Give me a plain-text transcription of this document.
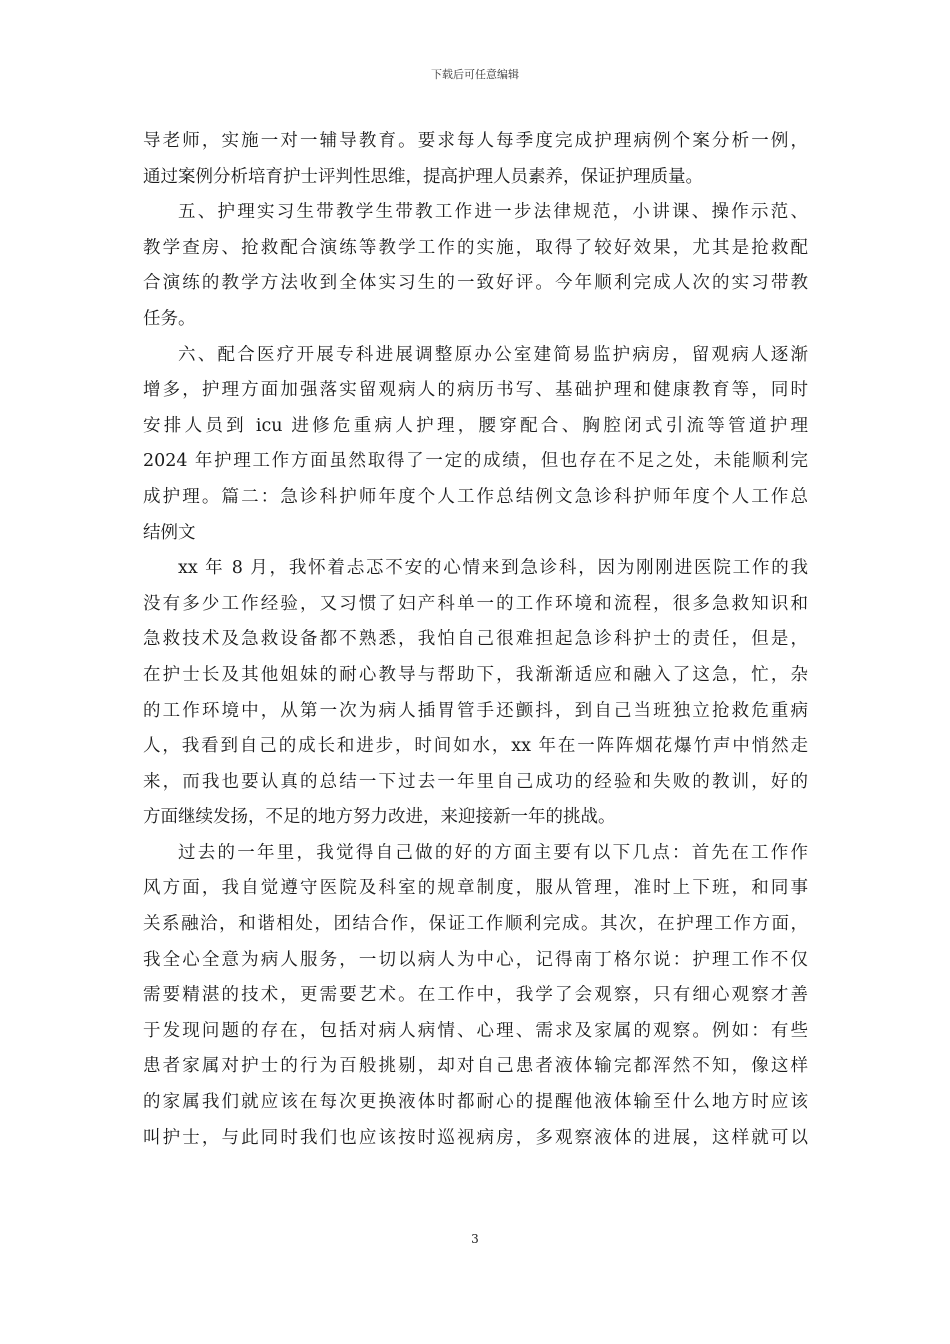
下载后可任意编辑
导老师，实施一对一辅导教育。要求每人每季度完成护理病例个案分析一例，
通过案例分析培育护士评判性思维，提高护理人员素养，保证护理质量。
五、护理实习生带教学生带教工作进一步法律规范，小讲课、操作示范、
教学查房、抢救配合演练等教学工作的实施，取得了较好效果，尤其是抢救配
合演练的教学方法收到全体实习生的一致好评。今年顺利完成人次的实习带教
任务。
六、配合医疗开展专科进展调整原办公室建简易监护病房，留观病人逐渐
增多，护理方面加强落实留观病人的病历书写、基础护理和健康教育等，同时
安排人员到 icu 进修危重病人护理，腰穿配合、胸腔闭式引流等管道护理
2024 年护理工作方面虽然取得了一定的成绩，但也存在不足之处，未能顺利完
成护理。篇二：急诊科护师年度个人工作总结例文急诊科护师年度个人工作总
结例文
xx 年 8 月，我怀着忐忑不安的心情来到急诊科，因为刚刚进医院工作的我
没有多少工作经验，又习惯了妇产科单一的工作环境和流程，很多急救知识和
急救技术及急救设备都不熟悉，我怕自己很难担起急诊科护士的责任，但是，
在护士长及其他姐妹的耐心教导与帮助下，我渐渐适应和融入了这急，忙，杂
的工作环境中，从第一次为病人插胃管手还颤抖，到自己当班独立抢救危重病
人，我看到自己的成长和进步，时间如水，xx 年在一阵阵烟花爆竹声中悄然走
来，而我也要认真的总结一下过去一年里自己成功的经验和失败的教训，好的
方面继续发扬，不足的地方努力改进，来迎接新一年的挑战。
过去的一年里，我觉得自己做的好的方面主要有以下几点：首先在工作作
风方面，我自觉遵守医院及科室的规章制度，服从管理，准时上下班，和同事
关系融洽，和谐相处，团结合作，保证工作顺利完成。其次，在护理工作方面，
我全心全意为病人服务，一切以病人为中心，记得南丁格尔说：护理工作不仅
需要精湛的技术，更需要艺术。在工作中，我学了会观察，只有细心观察才善
于发现问题的存在，包括对病人病情、心理、需求及家属的观察。例如：有些
患者家属对护士的行为百般挑剔，却对自己患者液体输完都浑然不知，像这样
的家属我们就应该在每次更换液体时都耐心的提醒他液体输至什么地方时应该
叫护士，与此同时我们也应该按时巡视病房，多观察液体的进展，这样就可以
3
